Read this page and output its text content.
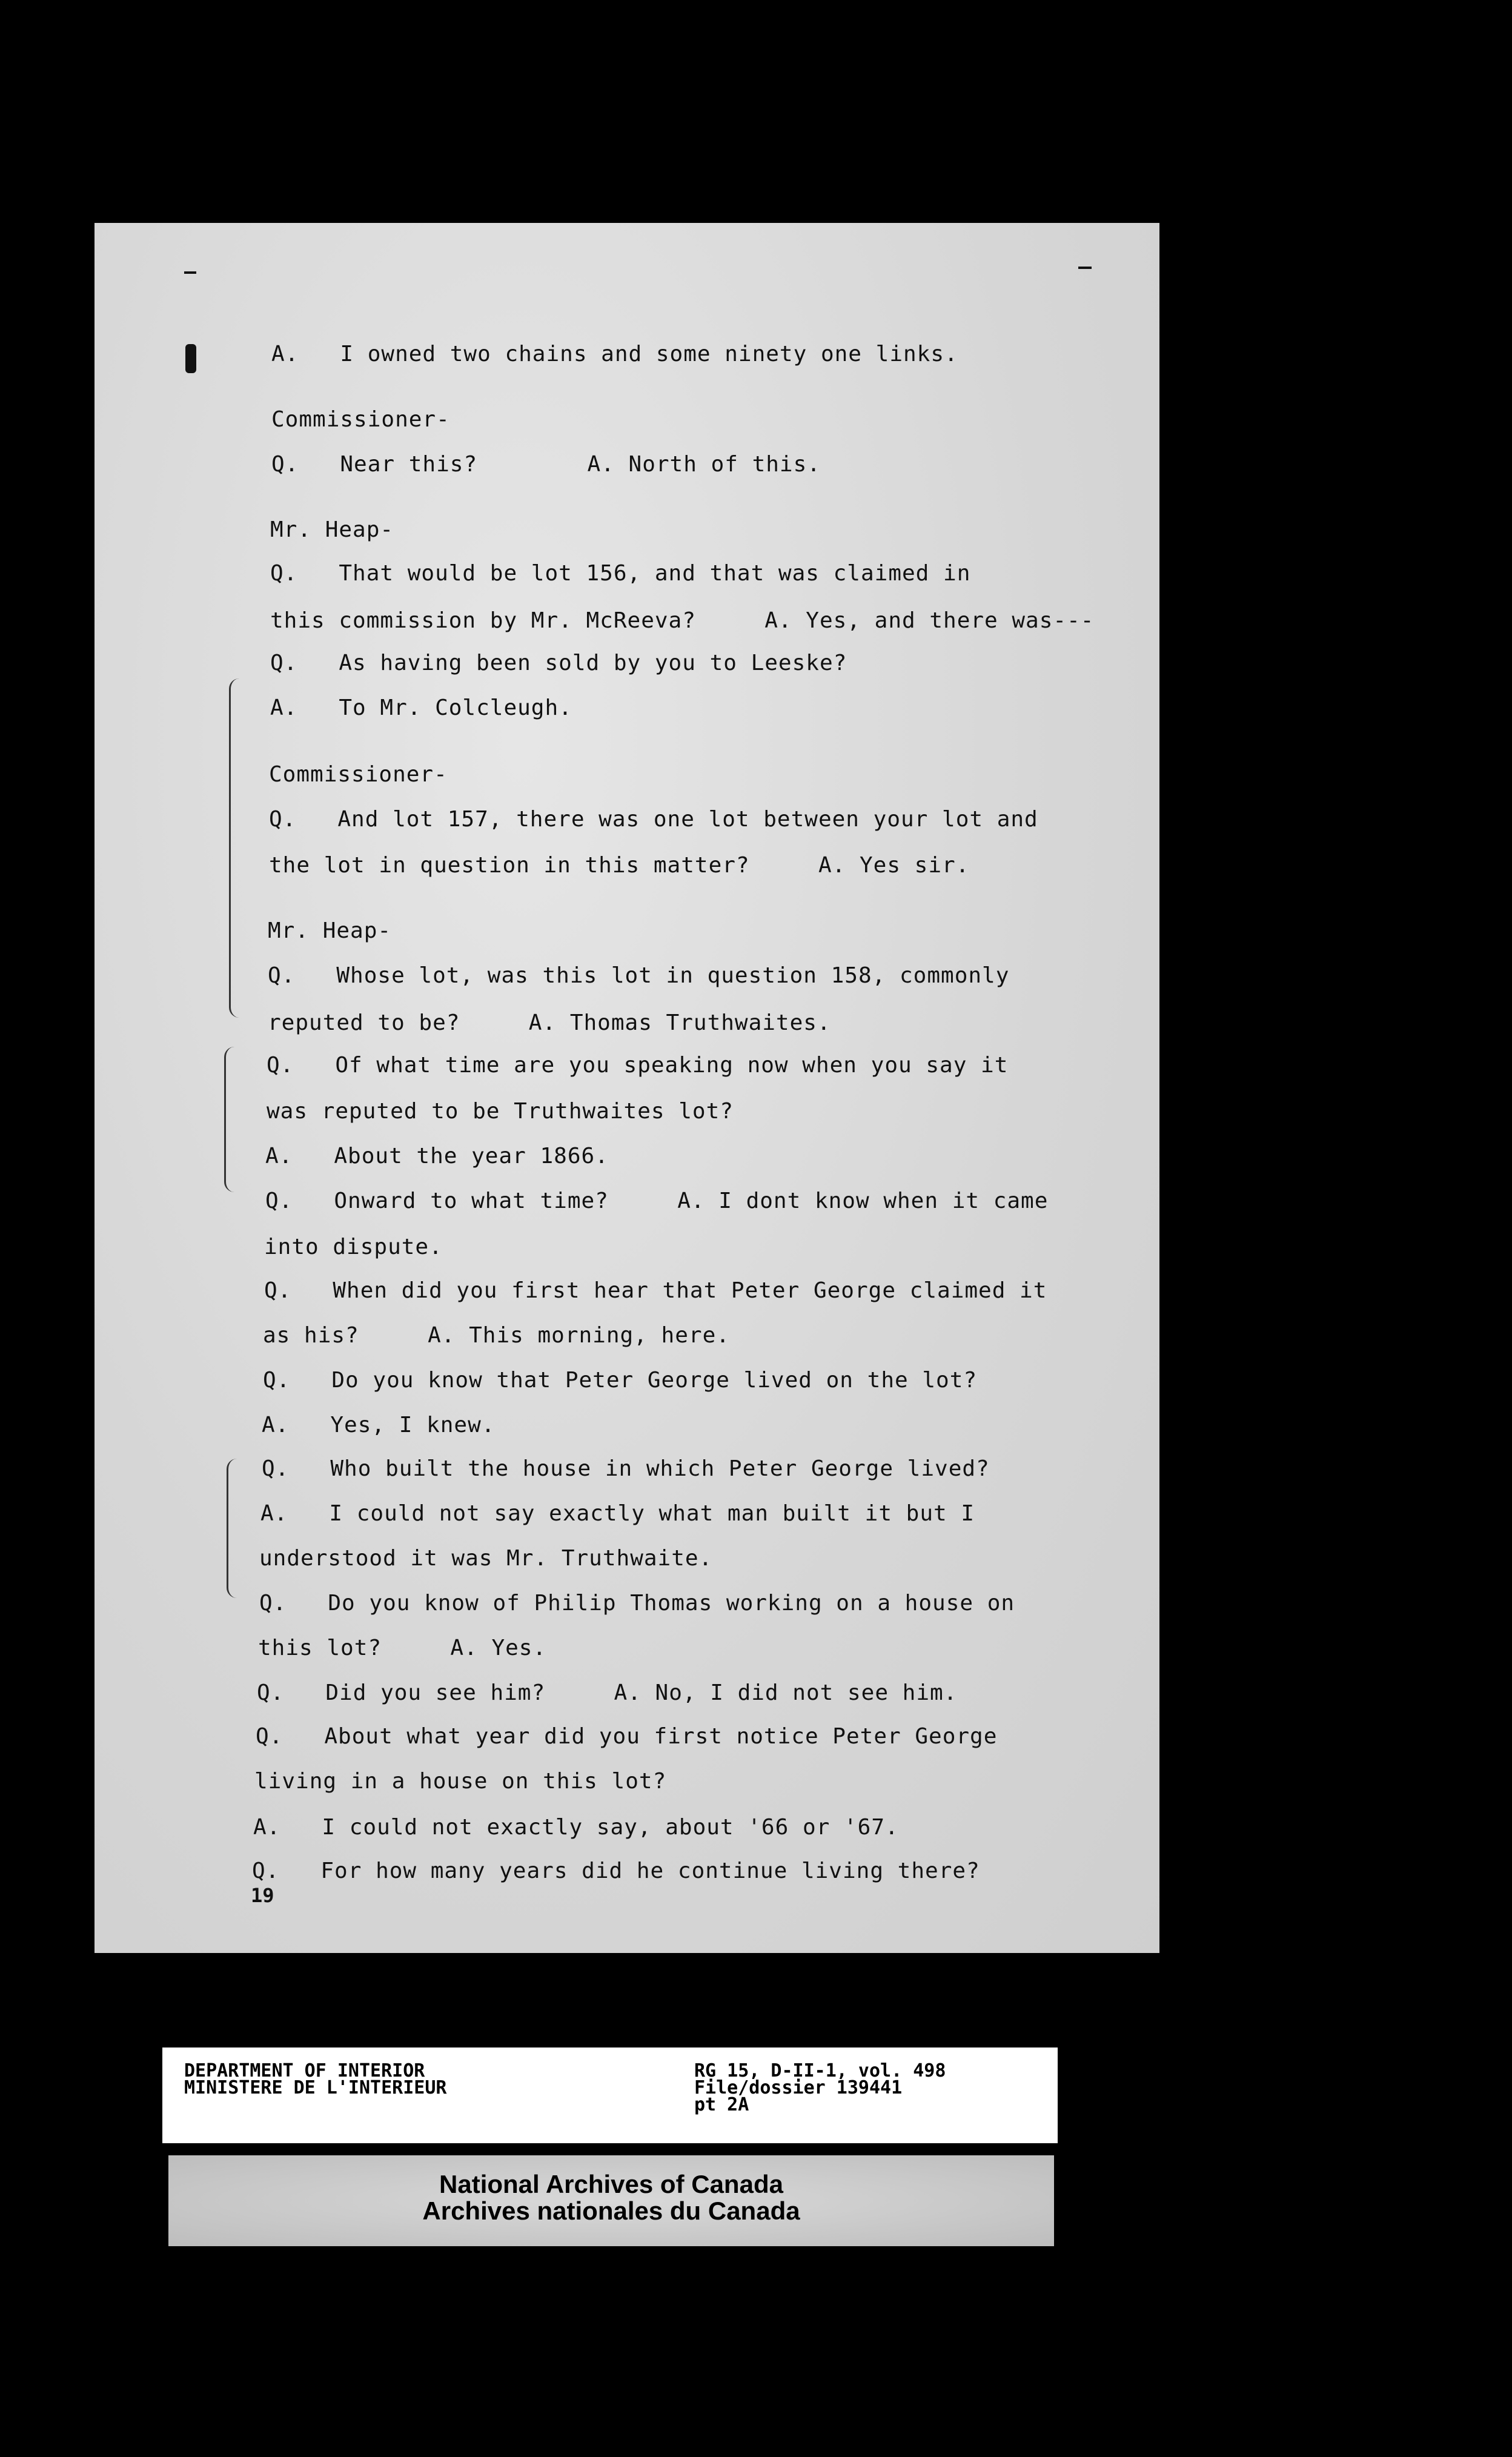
A.   I owned two chains and some ninety one links.
Commissioner-
Q.   Near this?        A. North of this.
Mr. Heap-
Q.   That would be lot 156, and that was claimed in
this commission by Mr. McReeva?     A. Yes, and there was---
Q.   As having been sold by you to Leeske?
A.   To Mr. Colcleugh.
Commissioner-
Q.   And lot 157, there was one lot between your lot and
the lot in question in this matter?     A. Yes sir.
Mr. Heap-
Q.   Whose lot, was this lot in question 158, commonly
reputed to be?     A. Thomas Truthwaites.
Q.   Of what time are you speaking now when you say it
was reputed to be Truthwaites lot?
A.   About the year 1866.
Q.   Onward to what time?     A. I dont know when it came
into dispute.
Q.   When did you first hear that Peter George claimed it
as his?     A. This morning, here.
Q.   Do you know that Peter George lived on the lot?
A.   Yes, I knew.
Q.   Who built the house in which Peter George lived?
A.   I could not say exactly what man built it but I
understood it was Mr. Truthwaite.
Q.   Do you know of Philip Thomas working on a house on
this lot?     A. Yes.
Q.   Did you see him?     A. No, I did not see him.
Q.   About what year did you first notice Peter George
living in a house on this lot?
A.   I could not exactly say, about '66 or '67.
Q.   For how many years did he continue living there?
19
DEPARTMENT OF INTERIOR
MINISTERE DE L'INTERIEUR
RG 15, D-II-1, vol. 498
File/dossier 139441
pt 2A
National Archives of Canada
Archives nationales du Canada
